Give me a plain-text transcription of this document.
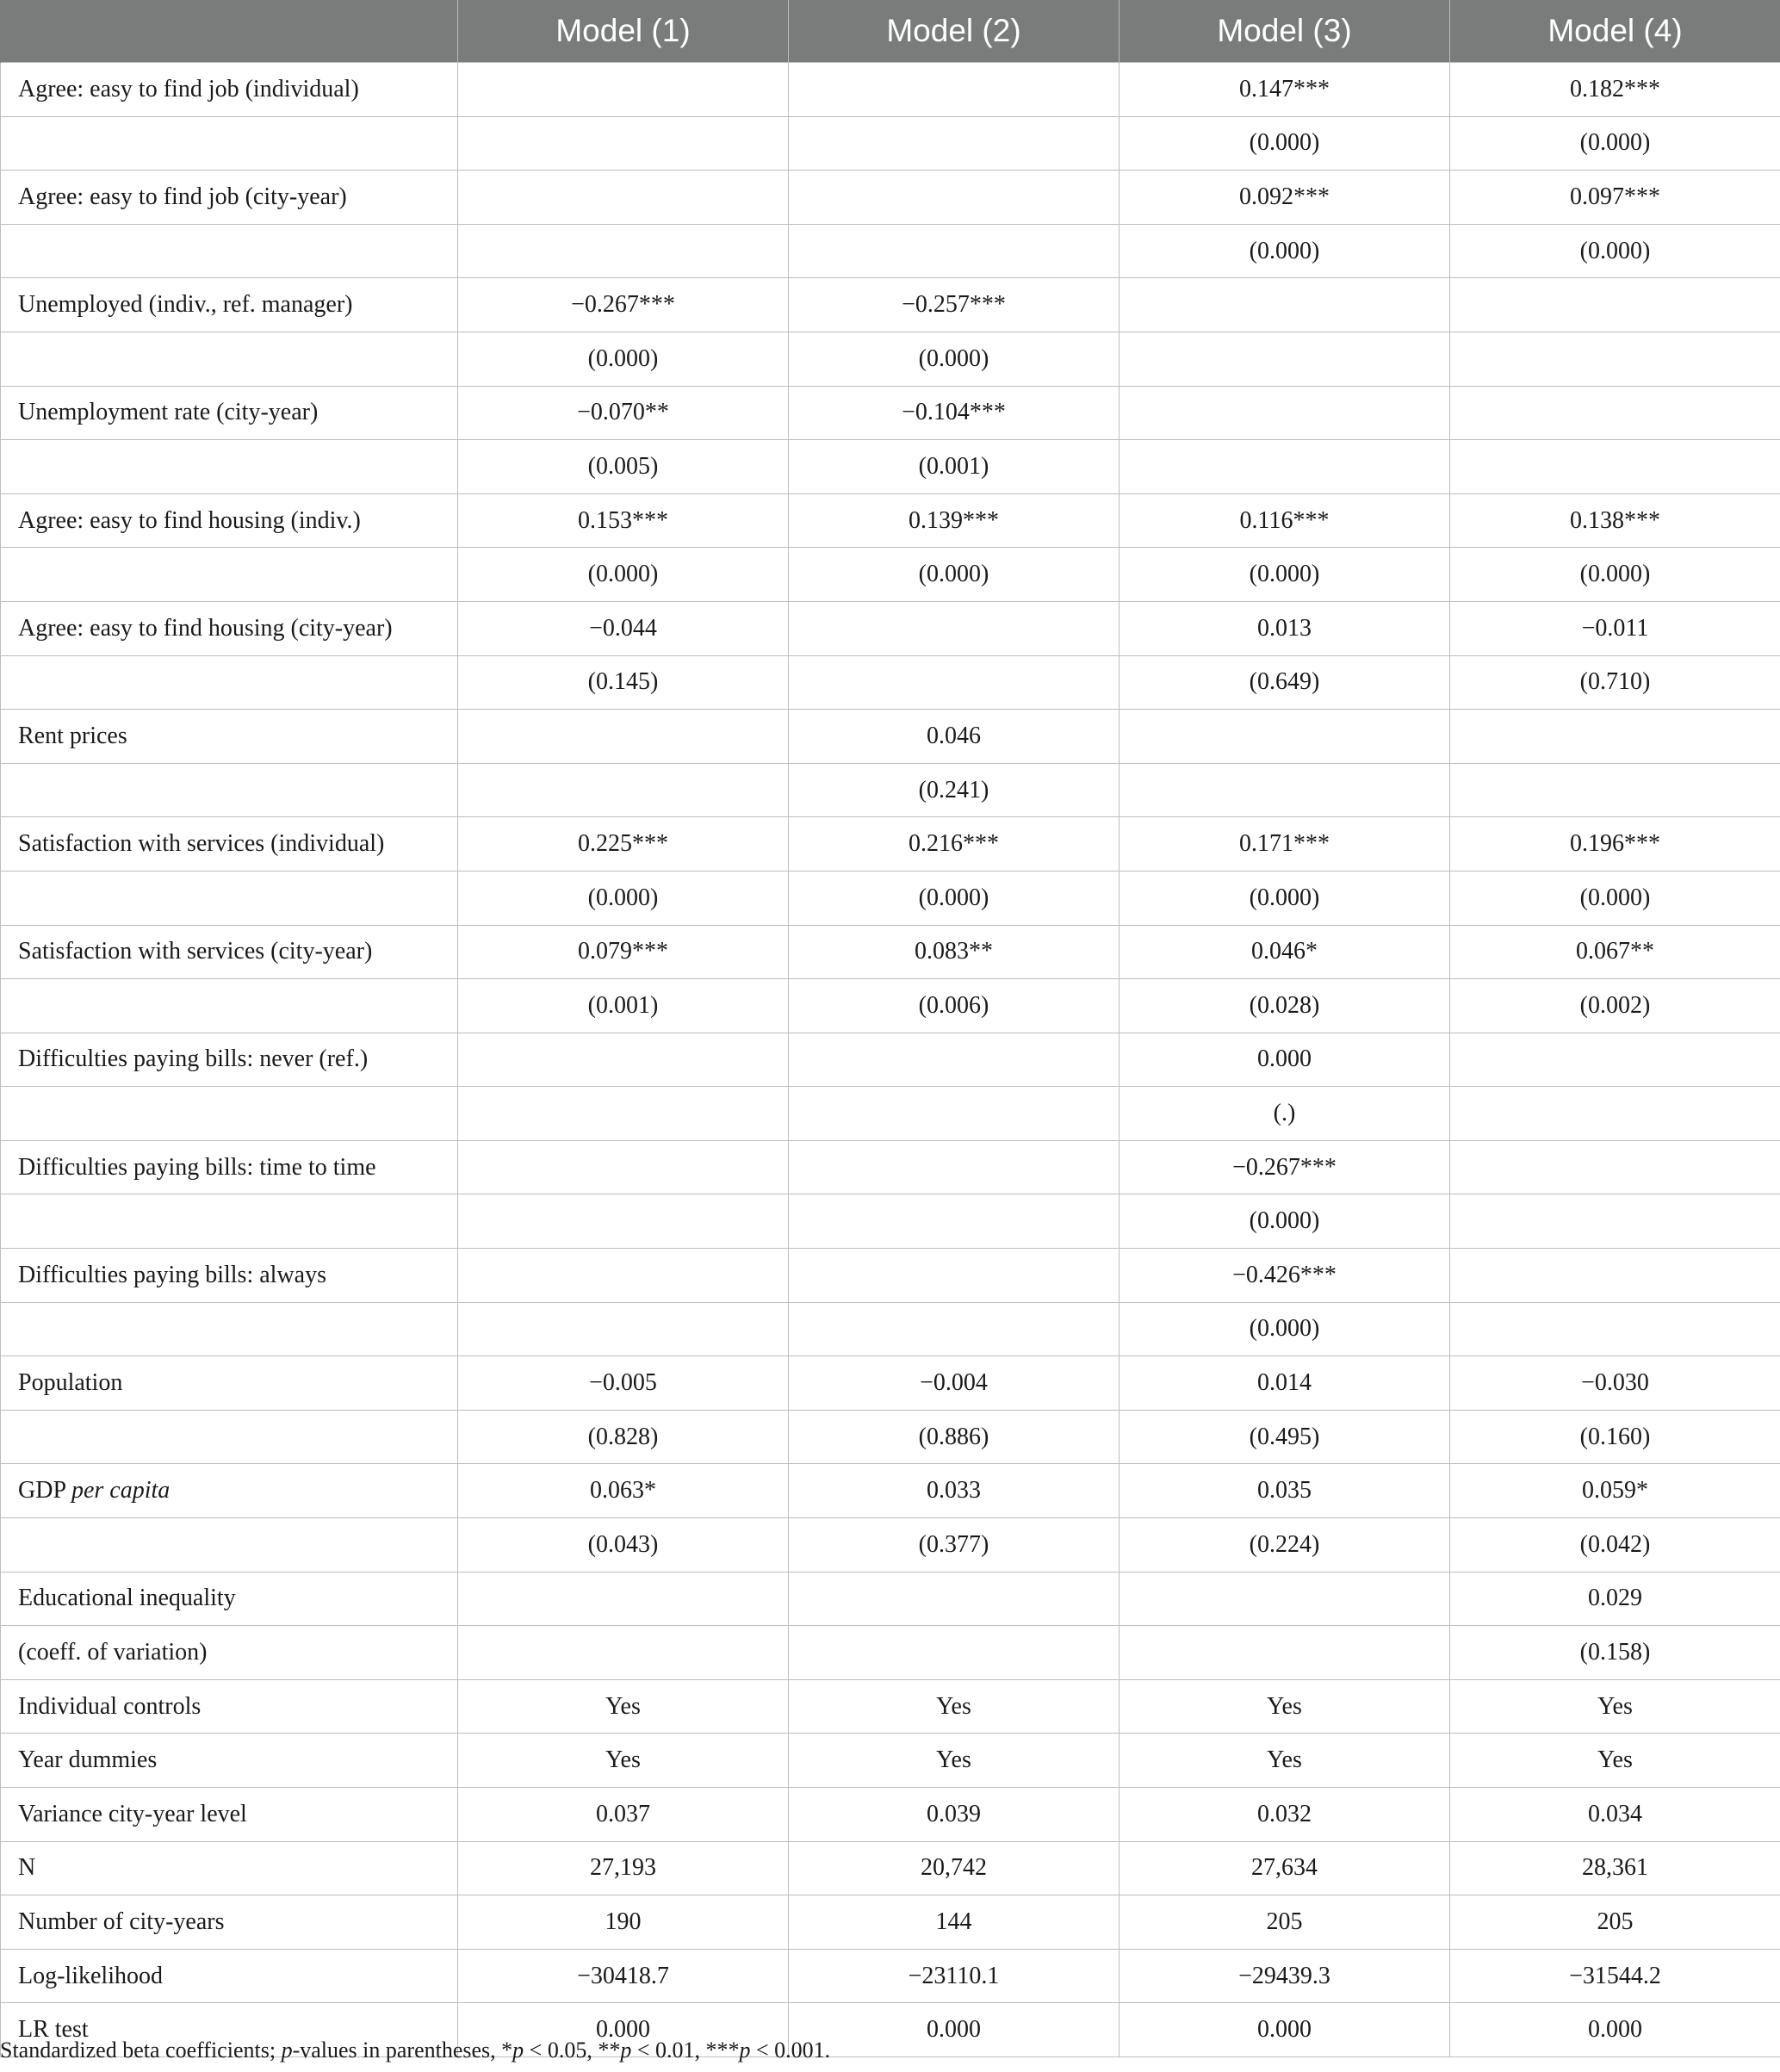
	Model (1)	Model (2)	Model (3)	Model (4)
Agree: easy to find job (individual)			0.147***	0.182***
			(0.000)	(0.000)
Agree: easy to find job (city-year)			0.092***	0.097***
			(0.000)	(0.000)
Unemployed (indiv., ref. manager)	−0.267***	−0.257***		
	(0.000)	(0.000)		
Unemployment rate (city-year)	−0.070**	−0.104***		
	(0.005)	(0.001)		
Agree: easy to find housing (indiv.)	0.153***	0.139***	0.116***	0.138***
	(0.000)	(0.000)	(0.000)	(0.000)
Agree: easy to find housing (city-year)	−0.044		0.013	−0.011
	(0.145)		(0.649)	(0.710)
Rent prices		0.046		
		(0.241)		
Satisfaction with services (individual)	0.225***	0.216***	0.171***	0.196***
	(0.000)	(0.000)	(0.000)	(0.000)
Satisfaction with services (city-year)	0.079***	0.083**	0.046*	0.067**
	(0.001)	(0.006)	(0.028)	(0.002)
Difficulties paying bills: never (ref.)			0.000	
			(.)	
Difficulties paying bills: time to time			−0.267***	
			(0.000)	
Difficulties paying bills: always			−0.426***	
			(0.000)	
Population	−0.005	−0.004	0.014	−0.030
	(0.828)	(0.886)	(0.495)	(0.160)
GDP per capita	0.063*	0.033	0.035	0.059*
	(0.043)	(0.377)	(0.224)	(0.042)
Educational inequality				0.029
(coeff. of variation)				(0.158)
Individual controls	Yes	Yes	Yes	Yes
Year dummies	Yes	Yes	Yes	Yes
Variance city-year level	0.037	0.039	0.032	0.034
N	27,193	20,742	27,634	28,361
Number of city-years	190	144	205	205
Log-likelihood	−30418.7	−23110.1	−29439.3	−31544.2
LR test	0.000	0.000	0.000	0.000
Standardized beta coefficients; p-values in parentheses, *p < 0.05, **p < 0.01, ***p < 0.001.
